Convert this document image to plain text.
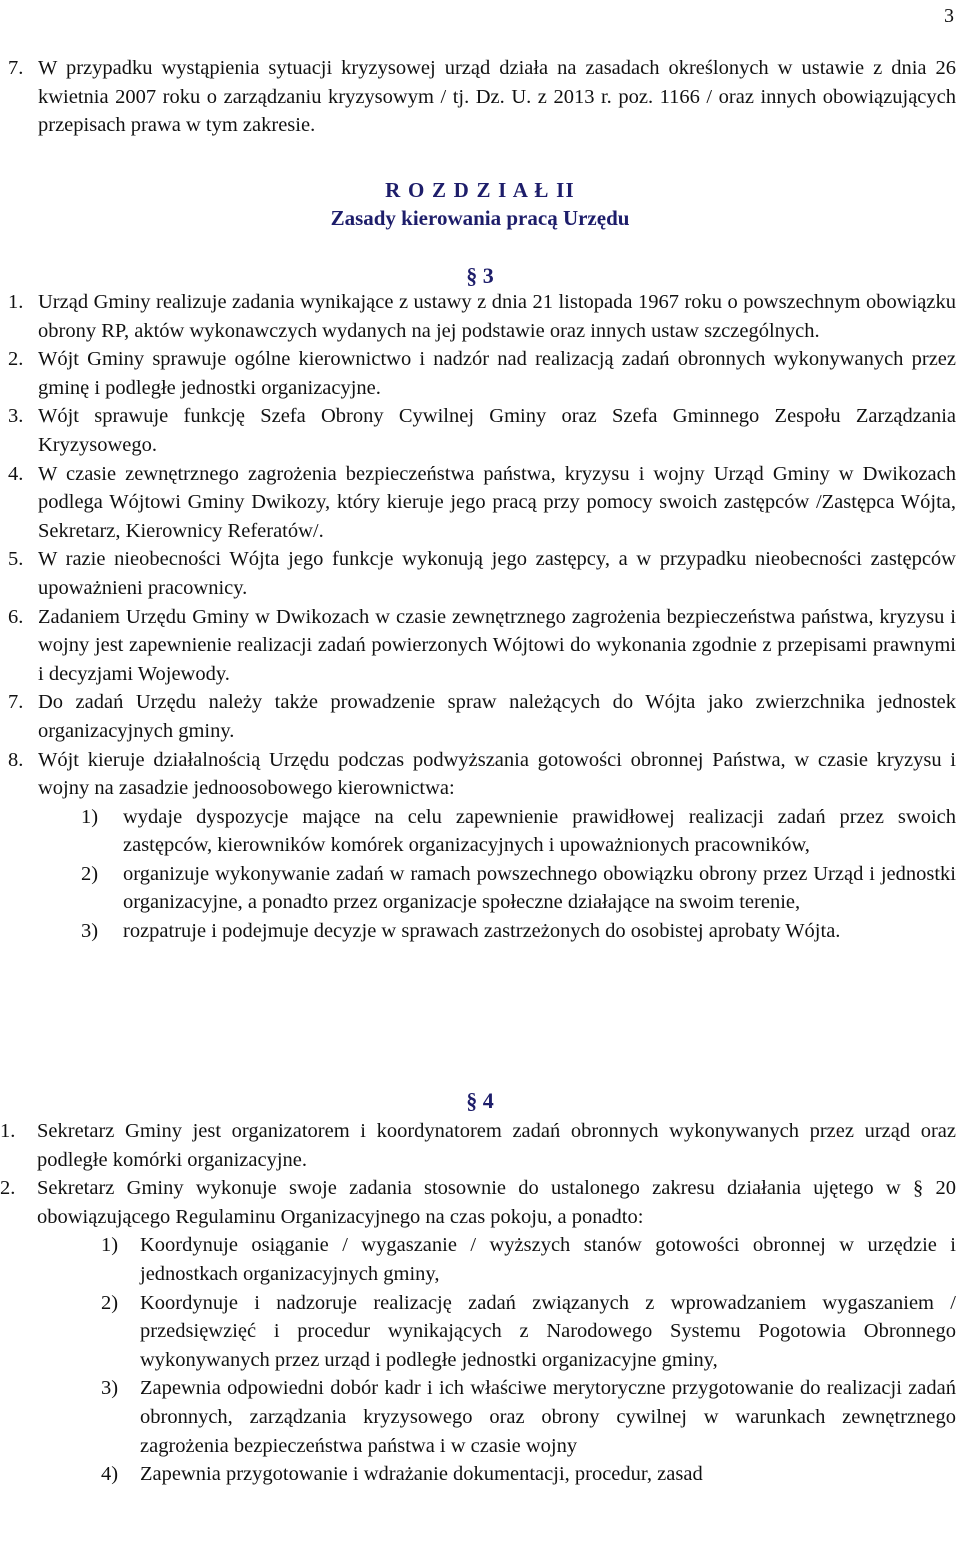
3
7. W przypadku wystąpienia sytuacji kryzysowej urząd działa na zasadach określonych w ustawie z dnia 26 kwietnia 2007 roku o zarządzaniu kryzysowym / tj. Dz. U. z 2013 r. poz. 1166 / oraz innych obowiązujących przepisach prawa w tym zakresie.
R O Z D Z I A Ł II
Zasady kierowania pracą Urzędu
§ 3
1. Urząd Gminy realizuje zadania wynikające z ustawy z dnia 21 listopada 1967 roku o powszechnym obowiązku obrony RP, aktów wykonawczych wydanych na jej podstawie oraz innych ustaw szczególnych.
2. Wójt Gminy sprawuje ogólne kierownictwo i nadzór nad realizacją zadań obronnych wykonywanych przez gminę i podległe jednostki organizacyjne.
3. Wójt sprawuje funkcję Szefa Obrony Cywilnej Gminy oraz Szefa Gminnego Zespołu Zarządzania Kryzysowego.
4. W czasie zewnętrznego zagrożenia bezpieczeństwa państwa, kryzysu i wojny Urząd Gminy w Dwikozach podlega Wójtowi Gminy Dwikozy, który kieruje jego pracą przy pomocy swoich zastępców /Zastępca Wójta, Sekretarz, Kierownicy Referatów/.
5. W razie nieobecności Wójta jego funkcje wykonują jego zastępcy, a w przypadku nieobecności zastępców upoważnieni pracownicy.
6. Zadaniem Urzędu Gminy w Dwikozach w czasie zewnętrznego zagrożenia bezpieczeństwa państwa, kryzysu i wojny jest zapewnienie realizacji zadań powierzonych Wójtowi do wykonania zgodnie z przepisami prawnymi i decyzjami Wojewody.
7. Do zadań Urzędu należy także prowadzenie spraw należących do Wójta jako zwierzchnika jednostek organizacyjnych gminy.
8. Wójt kieruje działalnością Urzędu podczas podwyższania gotowości obronnej Państwa, w czasie kryzysu i wojny na zasadzie jednoosobowego kierownictwa:
1)	wydaje dyspozycje mające na celu zapewnienie prawidłowej realizacji zadań przez swoich zastępców, kierowników komórek organizacyjnych i upoważnionych pracowników,
2)	organizuje wykonywanie zadań w ramach powszechnego obowiązku obrony przez Urząd i jednostki organizacyjne, a ponadto przez organizacje społeczne działające na swoim terenie,
3)	rozpatruje i podejmuje decyzje w sprawach zastrzeżonych do osobistej aprobaty Wójta.
§ 4
1.	Sekretarz Gminy jest organizatorem i koordynatorem zadań obronnych wykonywanych przez urząd oraz podległe komórki organizacyjne.
2.	Sekretarz Gminy wykonuje swoje zadania stosownie do ustalonego zakresu działania ujętego w § 20 obowiązującego Regulaminu Organizacyjnego na czas pokoju, a ponadto:
1)	Koordynuje osiąganie / wygaszanie / wyższych stanów gotowości obronnej w urzędzie i jednostkach organizacyjnych gminy,
2)	Koordynuje i nadzoruje realizację zadań związanych z wprowadzaniem wygaszaniem / przedsięwzięć i procedur wynikających z Narodowego Systemu Pogotowia Obronnego wykonywanych przez urząd i podległe jednostki organizacyjne gminy,
3)	Zapewnia odpowiedni dobór kadr i ich właściwe merytoryczne przygotowanie do realizacji zadań obronnych, zarządzania kryzysowego oraz obrony cywilnej w warunkach zewnętrznego zagrożenia bezpieczeństwa państwa i w czasie wojny
4)	Zapewnia przygotowanie i wdrażanie dokumentacji, procedur, zasad
